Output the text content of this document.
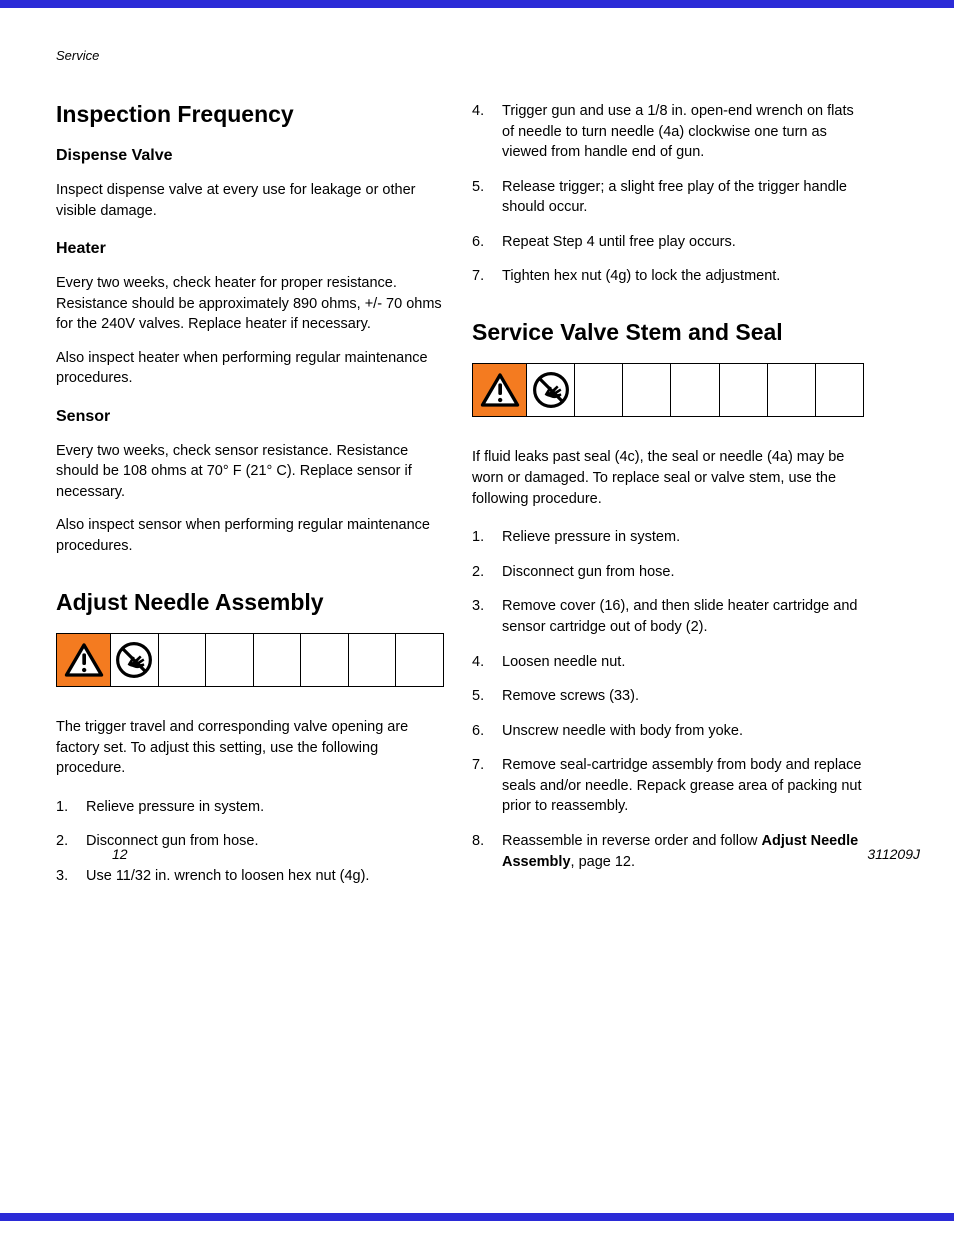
Service
Inspection Frequency
Dispense Valve

Inspect dispense valve at every use for leakage or other visible damage.

Heater

Every two weeks, check heater for proper resistance. Resistance should be approximately 890 ohms, +/- 70 ohms for the 240V valves. Replace heater if necessary.

Also inspect heater when performing regular maintenance procedures.

Sensor

Every two weeks, check sensor resistance. Resistance should be 108 ohms at 70° F (21° C). Replace sensor if necessary.

Also inspect sensor when performing regular maintenance procedures.

Adjust Needle Assembly

The trigger travel and corresponding valve opening are factory set. To adjust this setting, use the following procedure.

1.	Relieve pressure in system.
2.	Disconnect gun from hose.
3.	Use 11/32 in. wrench to loosen hex nut (4g).
4.	Trigger gun and use a 1/8 in. open-end wrench on flats of needle to turn needle (4a) clockwise one turn as viewed from handle end of gun.
5.	Release trigger; a slight free play of the trigger handle should occur.
6.	Repeat Step 4 until free play occurs.
7.	Tighten hex nut (4g) to lock the adjustment.
Service Valve Stem and Seal

If fluid leaks past seal (4c), the seal or needle (4a) may be worn or damaged. To replace seal or valve stem, use the following procedure.

1.	Relieve pressure in system.
2.	Disconnect gun from hose.
3.	Remove cover (16), and then slide heater cartridge and sensor cartridge out of body (2).
4.	Loosen needle nut.
5.	Remove screws (33).
6.	Unscrew needle with body from yoke.
7.	Remove seal-cartridge assembly from body and replace seals and/or needle. Repack grease area of packing nut prior to reassembly.
8.	Reassemble in reverse order and follow Adjust Needle Assembly, page 12.
12	311209J
